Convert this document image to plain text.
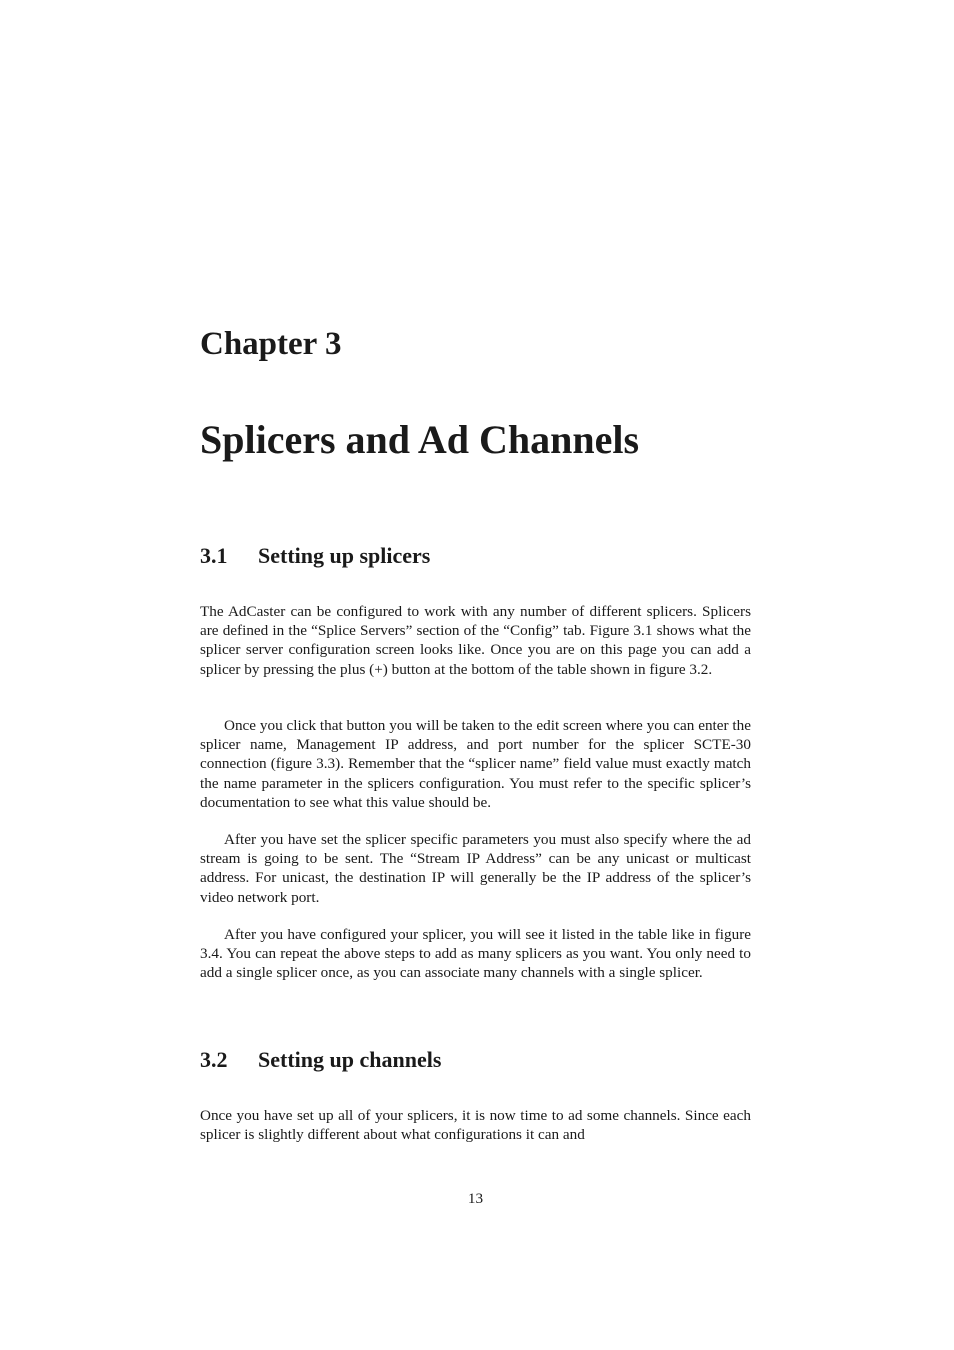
Chapter 3
Splicers and Ad Channels
3.1 Setting up splicers

The AdCaster can be configured to work with any number of different splicers. Splicers are defined in the “Splice Servers” section of the “Config” tab. Figure 3.1 shows what the splicer server configuration screen looks like. Once you are on this page you can add a splicer by pressing the plus (+) button at the bottom of the table shown in figure 3.2.

Once you click that button you will be taken to the edit screen where you can enter the splicer name, Management IP address, and port number for the splicer SCTE-30 connection (figure 3.3). Remember that the “splicer name” field value must exactly match the name parameter in the splicers configuration. You must refer to the specific splicer’s documentation to see what this value should be.

After you have set the splicer specific parameters you must also specify where the ad stream is going to be sent. The “Stream IP Address” can be any unicast or multicast address. For unicast, the destination IP will generally be the IP address of the splicer’s video network port.

After you have configured your splicer, you will see it listed in the table like in figure 3.4. You can repeat the above steps to add as many splicers as you want. You only need to add a single splicer once, as you can associate many channels with a single splicer.

3.2 Setting up channels

Once you have set up all of your splicers, it is now time to ad some channels. Since each splicer is slightly different about what configurations it can and

13
